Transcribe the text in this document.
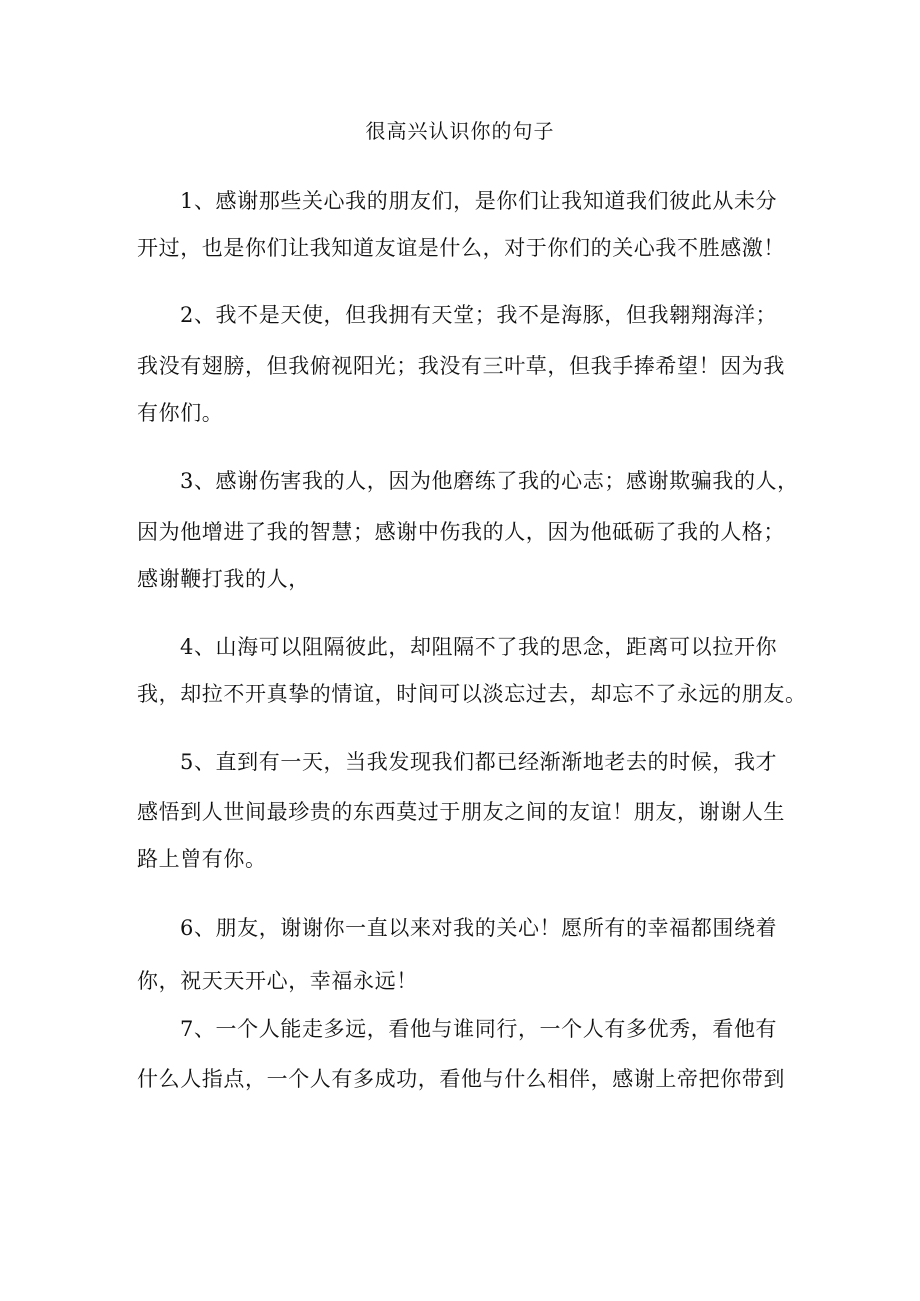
很高兴认识你的句子
1、感谢那些关心我的朋友们，是你们让我知道我们彼此从未分
开过，也是你们让我知道友谊是什么，对于你们的关心我不胜感激！
2、我不是天使，但我拥有天堂；我不是海豚，但我翱翔海洋；
我没有翅膀，但我俯视阳光；我没有三叶草，但我手捧希望！因为我
有你们。
3、感谢伤害我的人，因为他磨练了我的心志；感谢欺骗我的人，
因为他增进了我的智慧；感谢中伤我的人，因为他砥砺了我的人格；
感谢鞭打我的人，
4、山海可以阻隔彼此，却阻隔不了我的思念，距离可以拉开你
我，却拉不开真挚的情谊，时间可以淡忘过去，却忘不了永远的朋友。
5、直到有一天，当我发现我们都已经渐渐地老去的时候，我才
感悟到人世间最珍贵的东西莫过于朋友之间的友谊！朋友，谢谢人生
路上曾有你。
6、朋友，谢谢你一直以来对我的关心！愿所有的幸福都围绕着
你，祝天天开心，幸福永远！
7、一个人能走多远，看他与谁同行，一个人有多优秀，看他有
什么人指点，一个人有多成功，看他与什么相伴，感谢上帝把你带到
